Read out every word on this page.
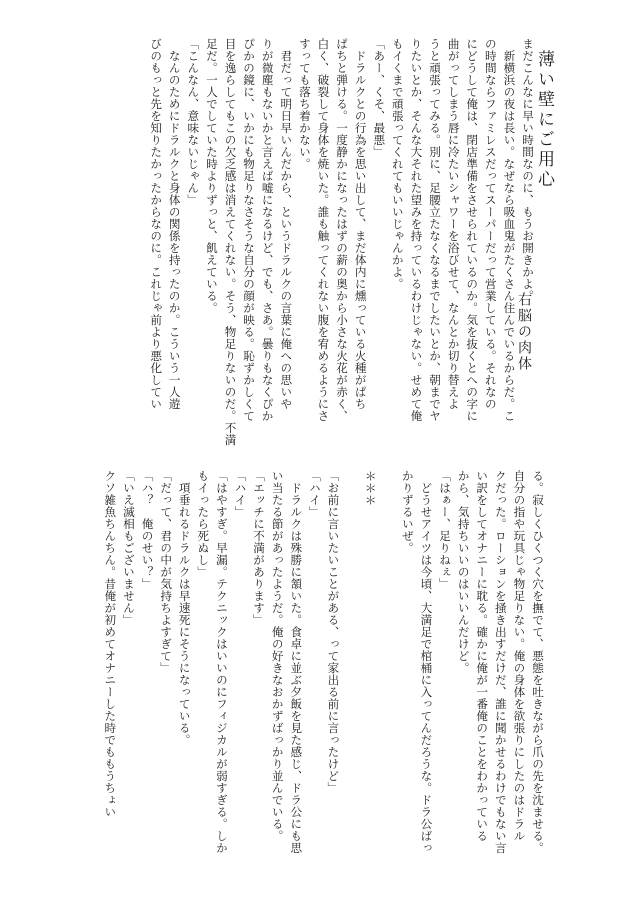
薄い壁にご用心
右脳の肉体
まだこんなに早い時間なのに、もうお開きかよ。
　新横浜の夜は長い。なぜなら吸血鬼がたくさん住んでいるからだ。こ
の時間ならファミレスだってスーパーだって営業している。それなの
にどうして俺は、閉店準備をさせられているのか。気を抜くとへの字に
曲がってしまう唇に冷たいシャワーを浴びせて、なんとか切り替えよ
うと頑張ってみる。別に、足腰立たなくなるまでしたいとか、朝までヤ
りたいとか、そんな大それた望みを持っているわけじゃない。せめて俺
もイくまで頑張ってくれてもいいじゃんかよ。
「あー、くそ、最悪」
　ドラルクとの行為を思い出して、まだ体内に燻っている火種がぱち
ぱちと弾ける。一度静かになったはずの薪の奥から小さな火花が赤く、
白く、破裂して身体を焼いた。誰も触ってくれない腹を宥めるようにさ
すっても落ち着かない。
　君だって明日早いんだから、というドラルクの言葉に俺への思いや
りが微塵もないかと言えば嘘になるけど、でも、さあ。曇りもなくぴか
ぴかの鏡に、いかにも物足りなさそうな自分の顔が映る。恥ずかしくて
目を逸らしてもこの欠乏感は消えてくれない。そう、物足りないのだ。不満
足だ。一人でしていた時よりずっと、飢えている。
「こんなん、意味ないじゃん」
　なんのためにドラルクと身体の関係を持ったのか。こういう一人遊
びのもっと先を知りたかったからなのに。これじゃ前より悪化してい
る。寂しくひくつく穴を撫でて、悪態を吐きながら爪の先を沈ませる。
自分の指や玩具じゃ物足りない。俺の身体を欲張りにしたのはドラル
クだった。ローションを掻き出すだけだ、誰に聞かせるわけでもない言
い訳をしてオナニーに耽る。確かに俺が一番俺のことをわかっている
から、気持ちいいのはいいんだけど。
「はぁー、足りねぇ」
　どうせアイツは今頃、大満足で棺桶に入ってんだろうな。ドラ公ばっ
かりずるいぜ。

＊＊＊

「お前に言いたいことがある、って家出る前に言ったけど」
「ハイ」
　ドラルクは殊勝に頷いた。食卓に並ぶ夕飯を見た感じ、ドラ公にも思
い当たる節があったようだ。俺の好きなおかずばっかり並んでいる。
「エッチに不満があります」
「ハイ」
「はやすぎ。早漏。テクニックはいいのにフィジカルが弱すぎる。しか
もイったら死ぬし」
　項垂れるドラルクは早速死にそうになっている。
「だって、君の中が気持ちよすぎて」
「ハ？　俺のせい？」
「いえ滅相もございません」
クソ雑魚ちんちん。昔俺が初めてオナニーした時でももうちょい
